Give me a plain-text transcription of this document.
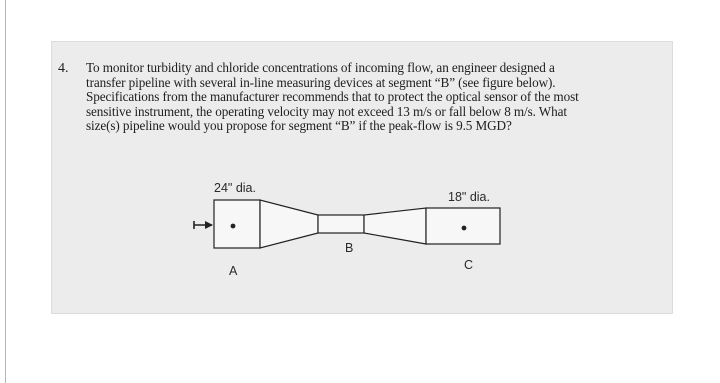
4. To monitor turbidity and chloride concentrations of incoming flow, an engineer designed a
transfer pipeline with several in-line measuring devices at segment “B” (see figure below).
Specifications from the manufacturer recommends that to protect the optical sensor of the most
sensitive instrument, the operating velocity may not exceed 13 m/s or fall below 8 m/s. What
size(s) pipeline would you propose for segment “B” if the peak-flow is 9.5 MGD?
24" dia.
18" dia.
A
B
C
